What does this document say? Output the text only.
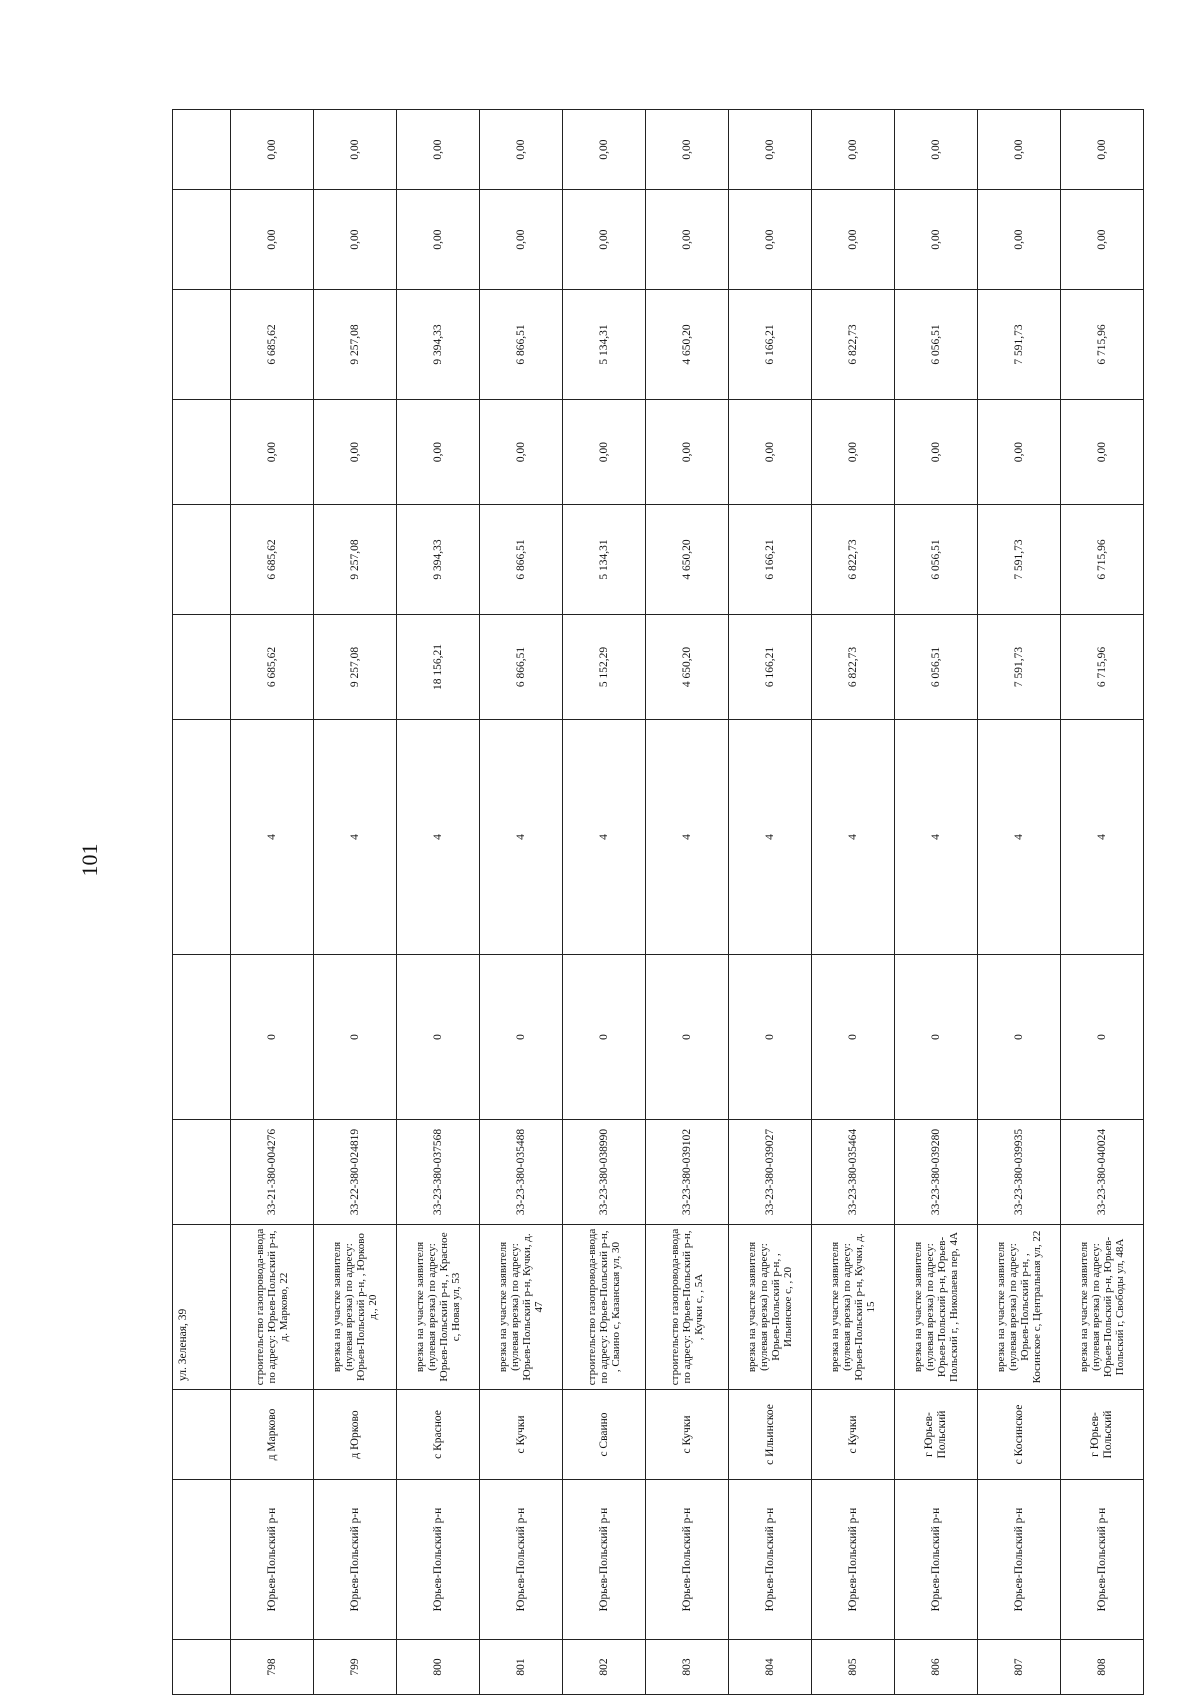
101
			ул. Зеленая, 39									
798	Юрьев-Польский р-н	д Марково	строительство газопровода-ввода по адресу: Юрьев-Польский р-н, д. Марково, 22	33-21-380-004276	0	4	6 685,62	6 685,62	0,00	6 685,62	0,00	0,00
799	Юрьев-Польский р-н	д Юрково	врезка на участке заявителя (нулевая врезка) по адресу: Юрьев-Польский р-н, , Юрково д., 20	33-22-380-024819	0	4	9 257,08	9 257,08	0,00	9 257,08	0,00	0,00
800	Юрьев-Польский р-н	с Красное	врезка на участке заявителя (нулевая врезка) по адресу: Юрьев-Польский р-н, , Красное с, Новая ул, 53	33-23-380-037568	0	4	18 156,21	9 394,33	0,00	9 394,33	0,00	0,00
801	Юрьев-Польский р-н	с Кучки	врезка на участке заявителя (нулевая врезка) по адресу: Юрьев-Польский р-н, Кучки, д. 47	33-23-380-035488	0	4	6 866,51	6 866,51	0,00	6 866,51	0,00	0,00
802	Юрьев-Польский р-н	с Сваино	строительство газопровода-ввода по адресу: Юрьев-Польский р-н, , Сваино с, Казанская ул, 30	33-23-380-038990	0	4	5 152,29	5 134,31	0,00	5 134,31	0,00	0,00
803	Юрьев-Польский р-н	с Кучки	строительство газопровода-ввода по адресу: Юрьев-Польский р-н, , Кучки с, , 5А	33-23-380-039102	0	4	4 650,20	4 650,20	0,00	4 650,20	0,00	0,00
804	Юрьев-Польский р-н	с Ильинское	врезка на участке заявителя (нулевая врезка) по адресу: Юрьев-Польский р-н, , Ильинское с, , 20	33-23-380-039027	0	4	6 166,21	6 166,21	0,00	6 166,21	0,00	0,00
805	Юрьев-Польский р-н	с Кучки	врезка на участке заявителя (нулевая врезка) по адресу: Юрьев-Польский р-н, Кучки, д. 15	33-23-380-035464	0	4	6 822,73	6 822,73	0,00	6 822,73	0,00	0,00
806	Юрьев-Польский р-н	г Юрьев-Польский	врезка на участке заявителя (нулевая врезка) по адресу: Юрьев-Польский р-н, Юрьев-Польский г, , Николаева пер, 4А	33-23-380-039280	0	4	6 056,51	6 056,51	0,00	6 056,51	0,00	0,00
807	Юрьев-Польский р-н	с Косинское	врезка на участке заявителя (нулевая врезка) по адресу: Юрьев-Польский р-н, , Косинское с, Центральная ул, 22	33-23-380-039935	0	4	7 591,73	7 591,73	0,00	7 591,73	0,00	0,00
808	Юрьев-Польский р-н	г Юрьев-Польский	врезка на участке заявителя (нулевая врезка) по адресу: Юрьев-Польский р-н, Юрьев-Польский г, Свободы ул, 48А	33-23-380-040024	0	4	6 715,96	6 715,96	0,00	6 715,96	0,00	0,00
